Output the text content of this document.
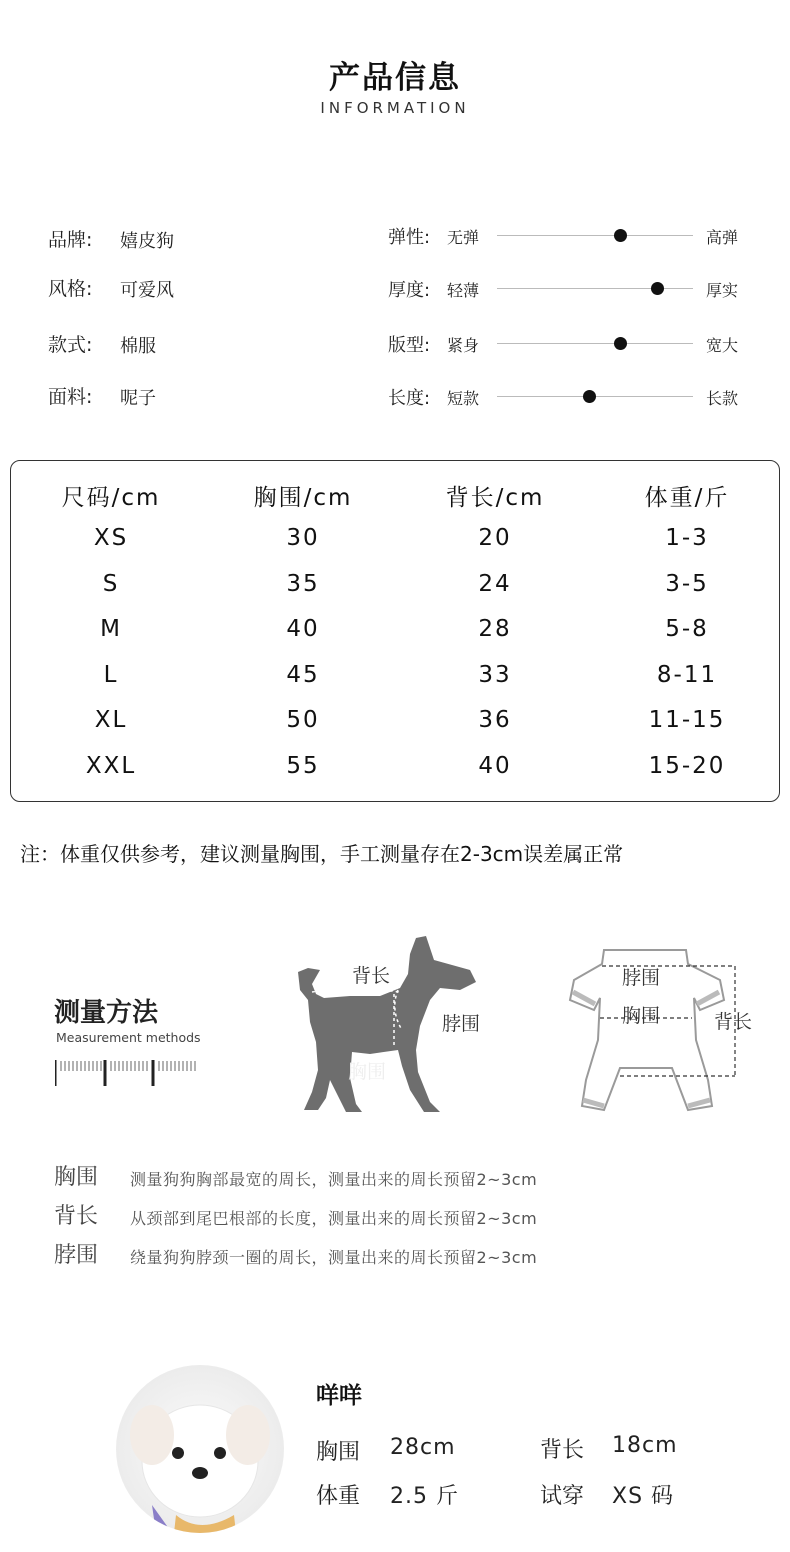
产品信息
INFORMATION
品牌: 嬉皮狗
风格: 可爱风
款式: 棉服
面料: 呢子
弹性: 无弹	高弹
厚度: 轻薄	厚实
版型: 紧身	宽大
长度: 短款	长款
尺码/cm	胸围/cm	背长/cm	体重/斤
XS	30	20	1-3
S	35	24	3-5
M	40	28	5-8
L	45	33	8-11
XL	50	36	11-15
XXL	55	40	15-20
注：体重仅供参考，建议测量胸围，手工测量存在2-3cm误差属正常
测量方法
Measurement methods
背长
脖围
胸围
脖围
胸围	背长
胸围 测量狗狗胸部最宽的周长，测量出来的周长预留2~3cm
背长 从颈部到尾巴根部的长度，测量出来的周长预留2~3cm
脖围 绕量狗狗脖颈一圈的周长，测量出来的周长预留2~3cm
咩咩
胸围 28cm	背长 18cm
体重 2.5 斤	试穿 XS 码
